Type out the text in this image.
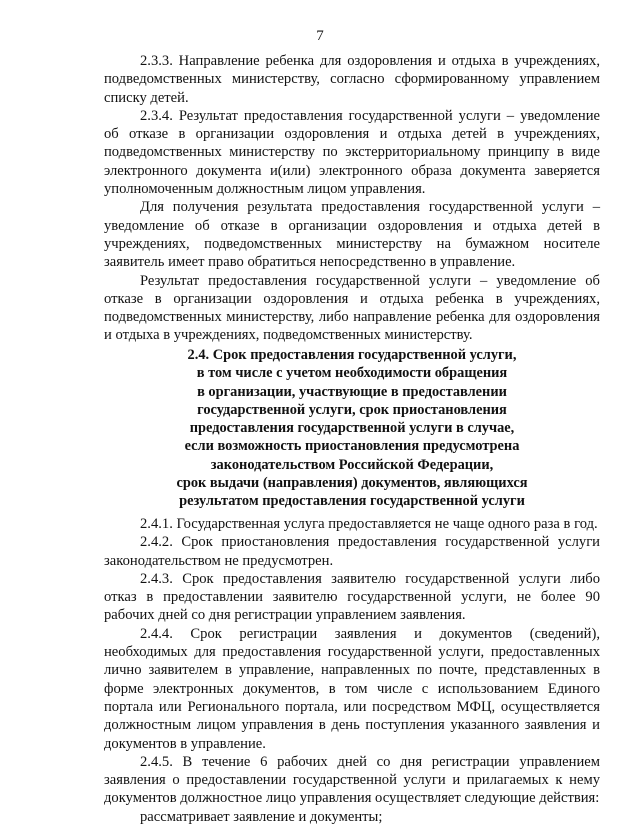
7

2.3.3. Направление ребенка для оздоровления и отдыха в учреждениях, подведомственных министерству, согласно сформированному управлением списку детей.

2.3.4. Результат предоставления государственной услуги – уведомление об отказе в организации оздоровления и отдыха детей в учреждениях, подведомственных министерству по экстерриториальному принципу в виде электронного документа и(или) электронного образа документа заверяется уполномоченным должностным лицом управления.

Для получения результата предоставления государственной услуги – уведомление об отказе в организации оздоровления и отдыха детей в учреждениях, подведомственных министерству на бумажном носителе заявитель имеет право обратиться непосредственно в управление.

Результат предоставления государственной услуги – уведомление об отказе в организации оздоровления и отдыха ребенка в учреждениях, подведомственных министерству, либо направление ребенка для оздоровления и отдыха в учреждениях, подведомственных министерству.

2.4. Срок предоставления государственной услуги,
в том числе с учетом необходимости обращения
в организации, участвующие в предоставлении
государственной услуги, срок приостановления
предоставления государственной услуги в случае,
если возможность приостановления предусмотрена
законодательством Российской Федерации,
срок выдачи (направления) документов, являющихся
результатом предоставления государственной услуги

2.4.1. Государственная услуга предоставляется не чаще одного раза в год.

2.4.2. Срок приостановления предоставления государственной услуги законодательством не предусмотрен.

2.4.3. Срок предоставления заявителю государственной услуги либо отказ в предоставлении заявителю государственной услуги, не более 90 рабочих дней со дня регистрации управлением заявления.

2.4.4. Срок регистрации заявления и документов (сведений), необходимых для предоставления государственной услуги, предоставленных лично заявителем в управление, направленных по почте, представленных в форме электронных документов, в том числе с использованием Единого портала или Регионального портала, или посредством МФЦ, осуществляется должностным лицом управления в день поступления указанного заявления и документов в управление.

2.4.5. В течение 6 рабочих дней со дня регистрации управлением заявления о предоставлении государственной услуги и прилагаемых к нему документов должностное лицо управления осуществляет следующие действия:

рассматривает заявление и документы;
